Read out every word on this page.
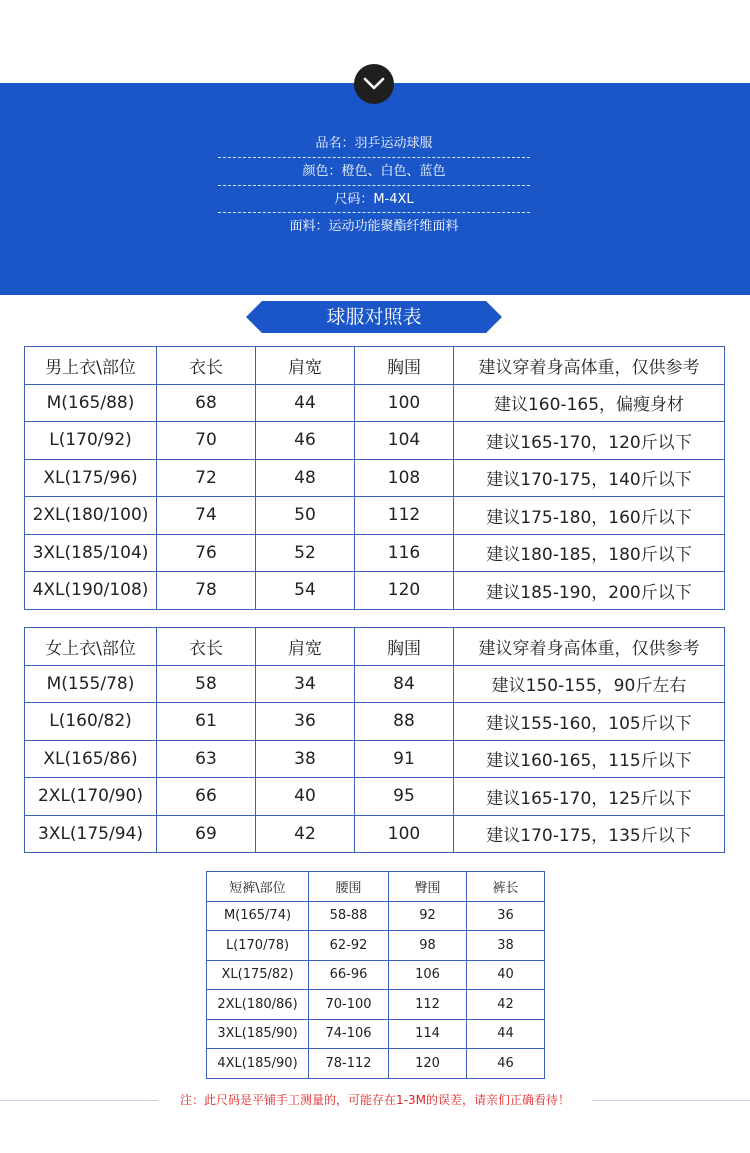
品名：羽乒运动球服
颜色：橙色、白色、蓝色
尺码：M-4XL
面料：运动功能聚酯纤维面料
球服对照表
男上衣\部位	衣长	肩宽	胸围	建议穿着身高体重，仅供参考
M(165/88)	68	44	100	建议160-165，偏瘦身材
L(170/92)	70	46	104	建议165-170，120斤以下
XL(175/96)	72	48	108	建议170-175，140斤以下
2XL(180/100)	74	50	112	建议175-180，160斤以下
3XL(185/104)	76	52	116	建议180-185，180斤以下
4XL(190/108)	78	54	120	建议185-190，200斤以下
女上衣\部位	衣长	肩宽	胸围	建议穿着身高体重，仅供参考
M(155/78)	58	34	84	建议150-155，90斤左右
L(160/82)	61	36	88	建议155-160，105斤以下
XL(165/86)	63	38	91	建议160-165，115斤以下
2XL(170/90)	66	40	95	建议165-170，125斤以下
3XL(175/94)	69	42	100	建议170-175，135斤以下
短裤\部位	腰围	臀围	裤长
M(165/74)	58-88	92	36
L(170/78)	62-92	98	38
XL(175/82)	66-96	106	40
2XL(180/86)	70-100	112	42
3XL(185/90)	74-106	114	44
4XL(185/90)	78-112	120	46
注：此尺码是平铺手工测量的，可能存在1-3M的误差，请亲们正确看待！
